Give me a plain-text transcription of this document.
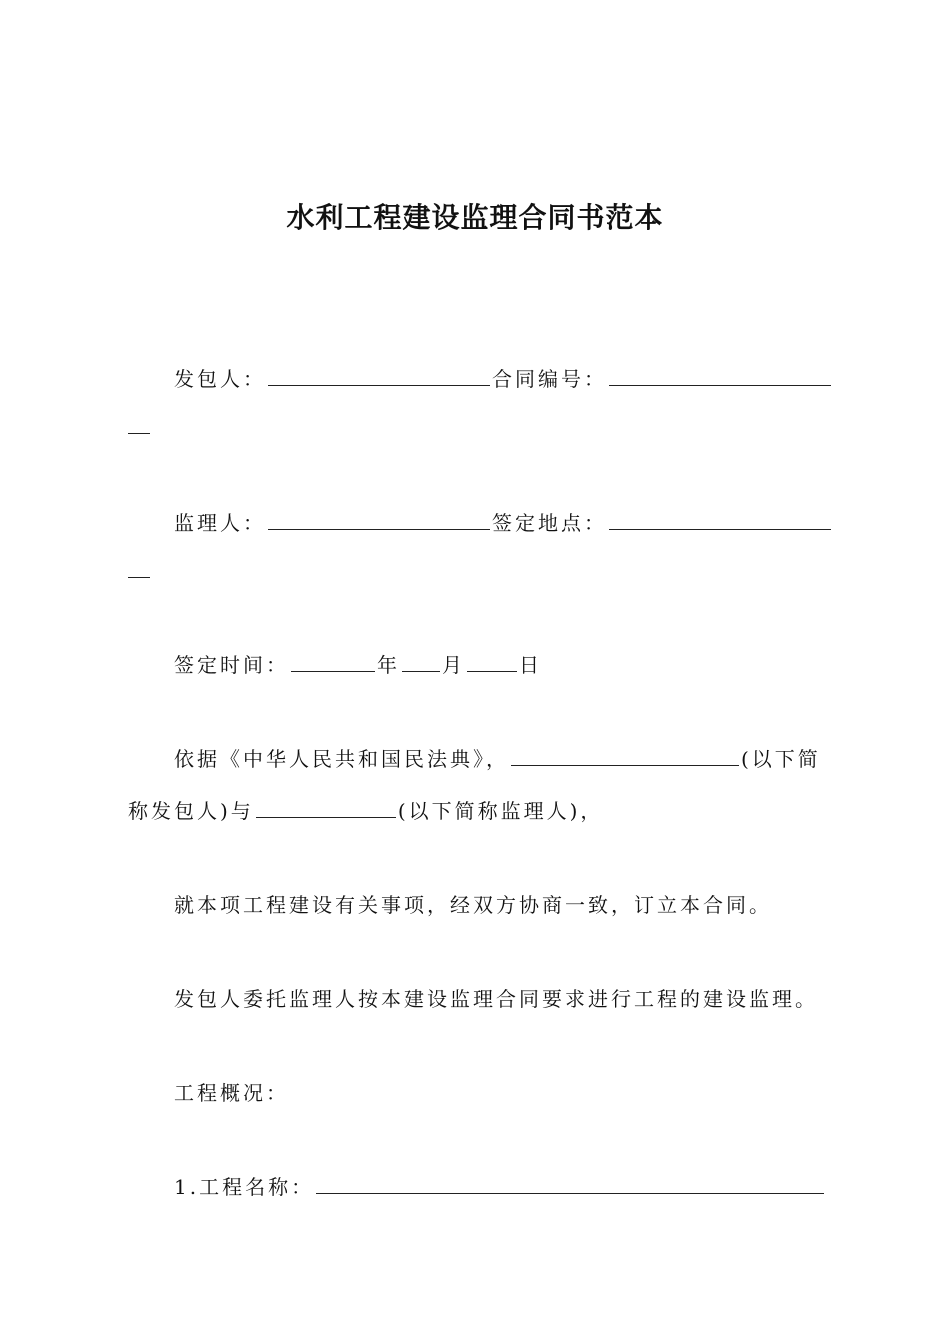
水利工程建设监理合同书范本
发包人：	合同编号：
监理人：	签定地点：
签定时间：	年 月	日
依据《中华人民共和国民法典》，	(以下简
称发包人)与	(以下简称监理人)，
就本项工程建设有关事项，经双方协商一致，订立本合同。
发包人委托监理人按本建设监理合同要求进行工程的建设监理。
工程概况：
1.工程名称：
